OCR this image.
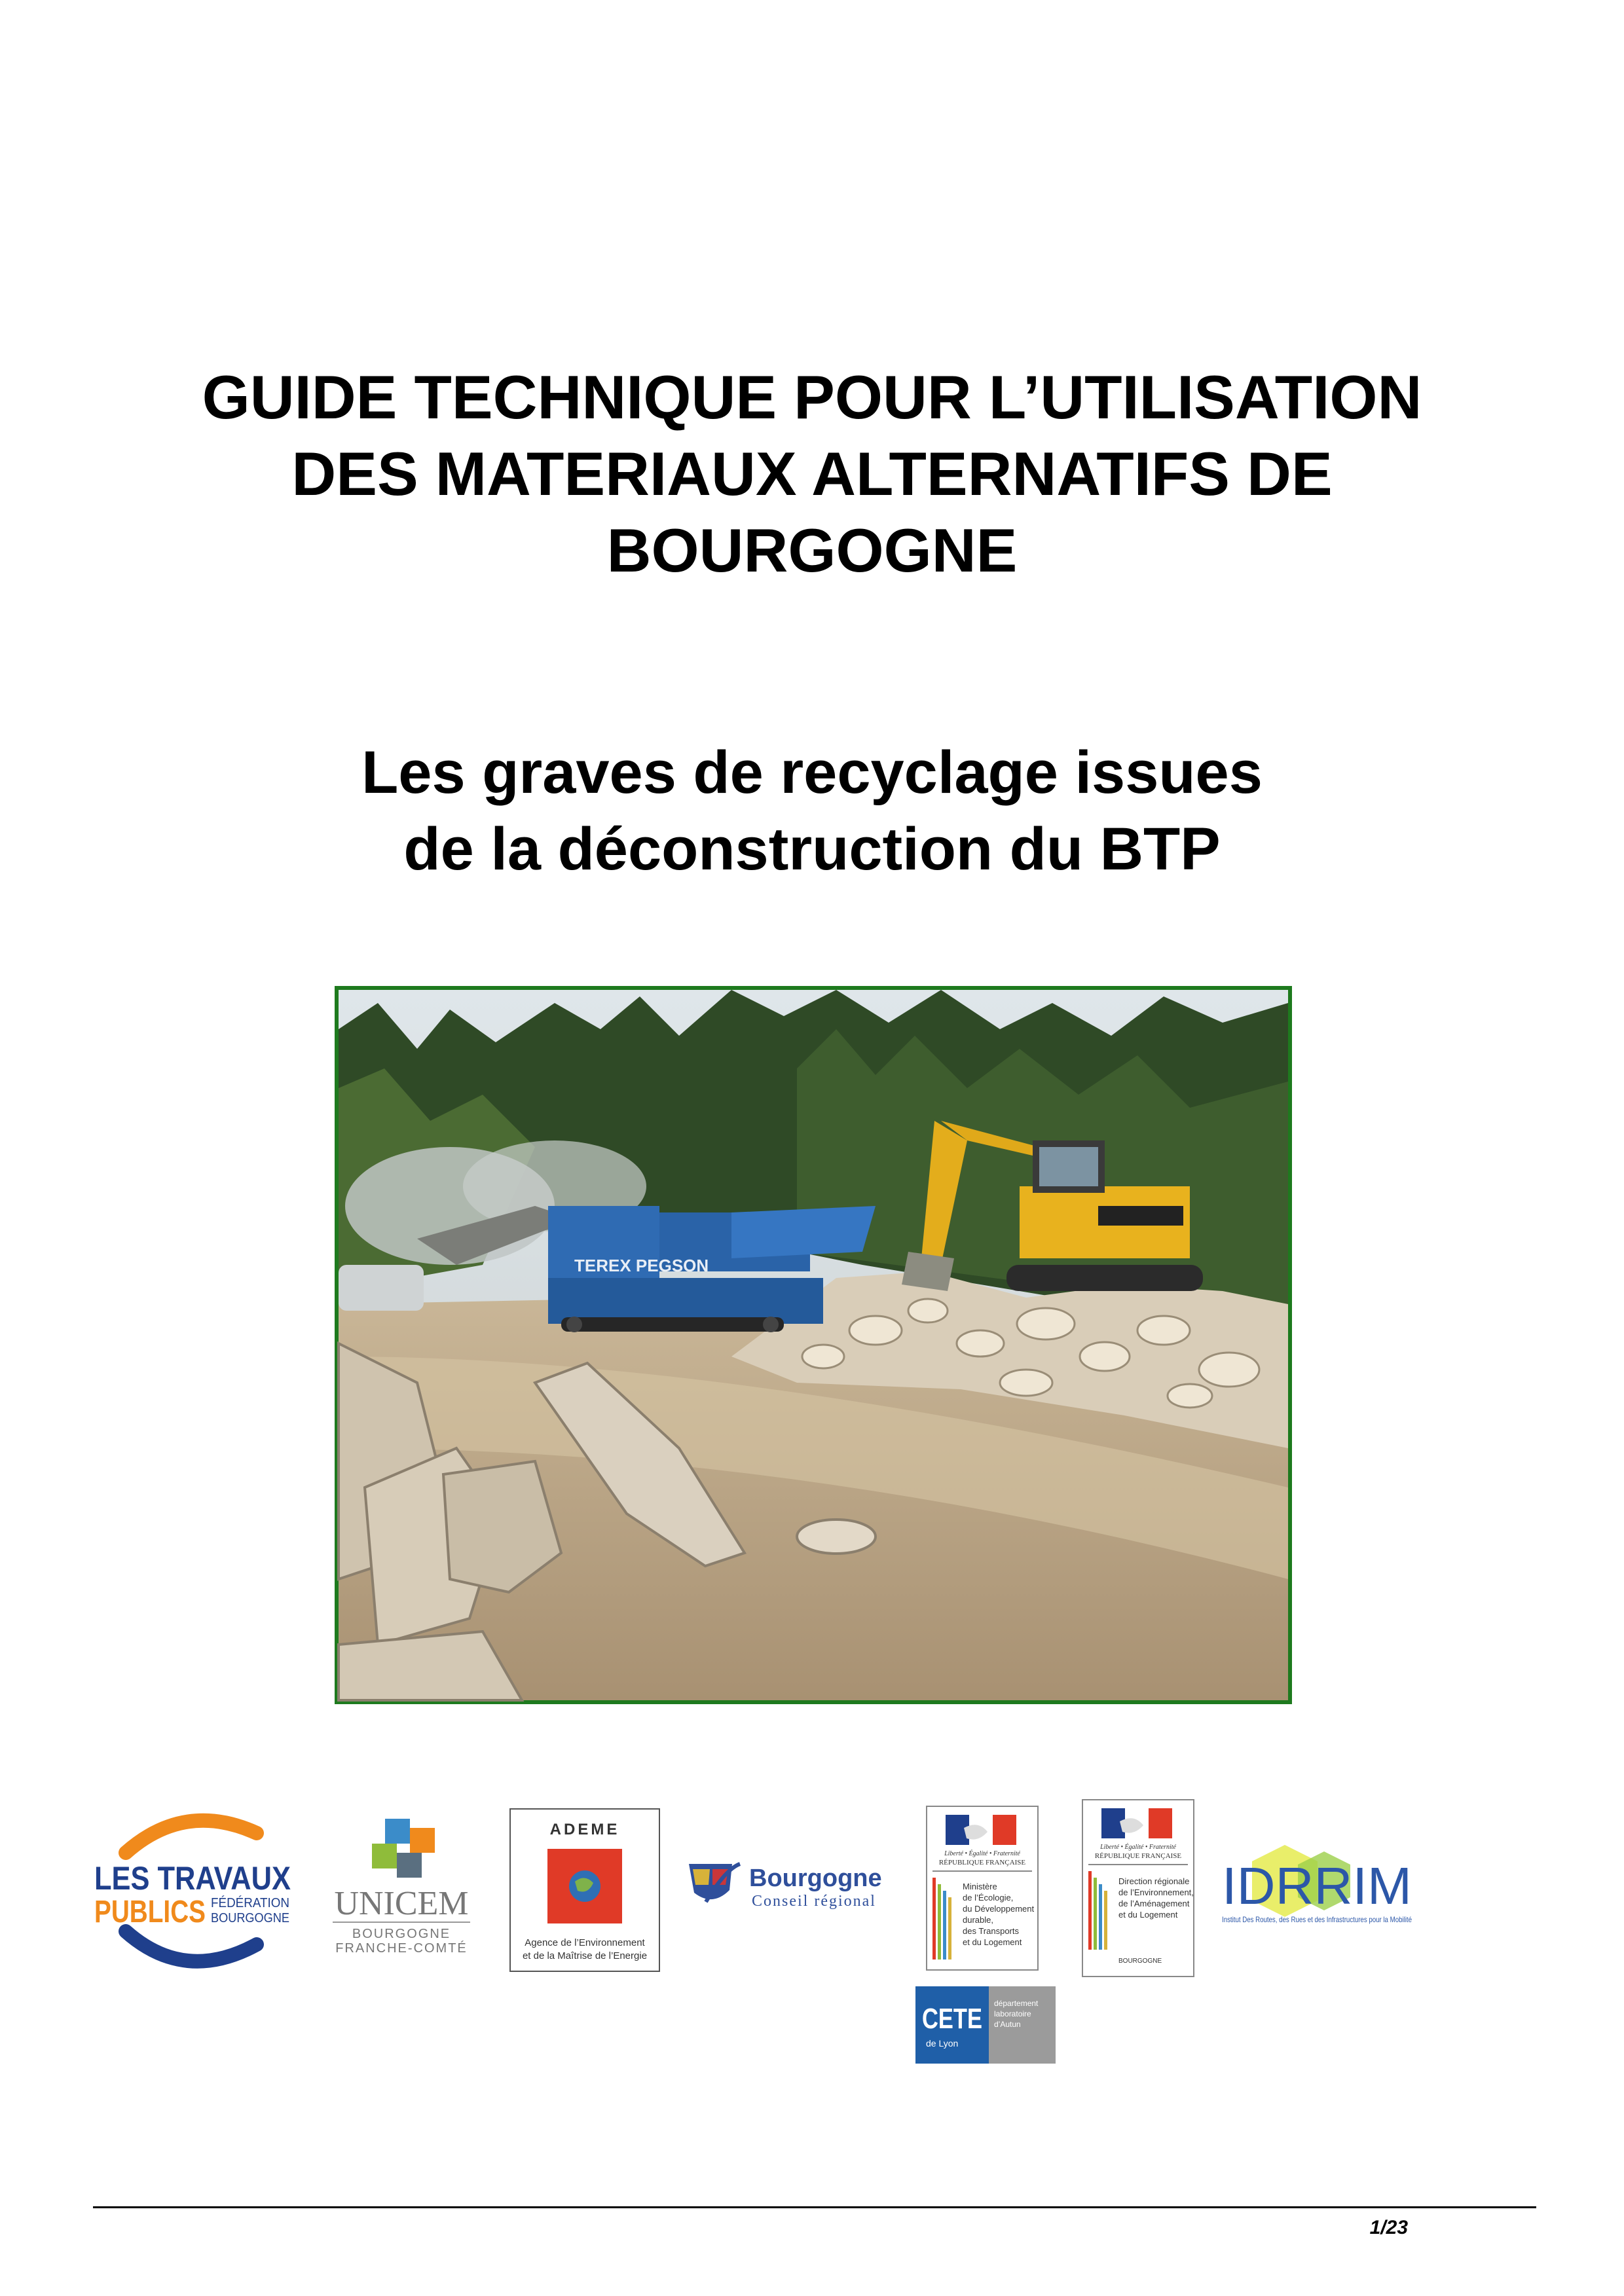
GUIDE TECHNIQUE POUR L’UTILISATION
DES MATERIAUX ALTERNATIFS DE
BOURGOGNE
Les graves de recyclage issues
de la déconstruction du BTP
TEREX PEGSON
LES TRAVAUX
PUBLICS FÉDÉRATION
BOURGOGNE UNICEM
BOURGOGNE
FRANCHE-COMTÉ
ADEME
Agence de l’Environnement
et de la Maîtrise de l’Energie
Bourgogne
Conseil régional
Liberté • Égalité • Fraternité
RÉPUBLIQUE FRANÇAISE
Ministère de l’Écologie, du Développement durable, des Transports et du Logement
Liberté • Égalité • Fraternité
RÉPUBLIQUE FRANÇAISE
Direction régionale de l’Environnement, de l’Aménagement et du Logement
BOURGOGNE
IDRRIM
Institut Des Routes, des Rues et des Infrastructures pour la Mobilité
CETE
de Lyon
département laboratoire d’Autun
1/23
